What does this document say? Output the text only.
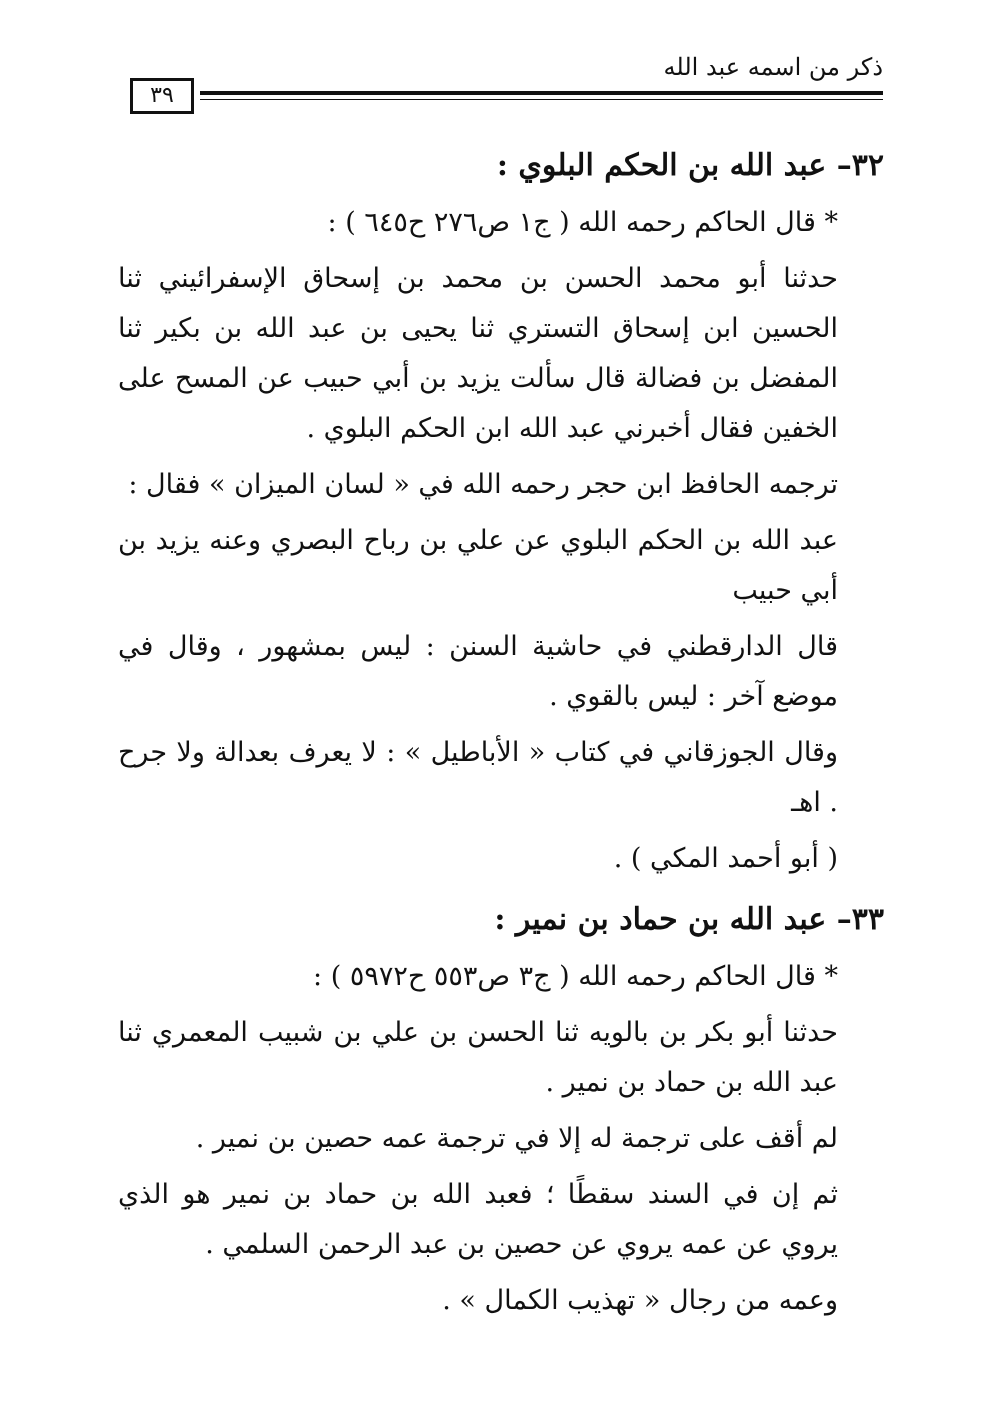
ذكر من اسمه عبد الله
٣٩

٣٢– عبد الله بن الحكم البلوي :

* قال الحاكم رحمه الله ( ج١ ص٢٧٦ ح٦٤٥ ) :

حدثنا أبو محمد الحسن بن محمد بن إسحاق الإسفرائيني ثنا الحسين ابن إسحاق التستري ثنا يحيى بن عبد الله بن بكير ثنا المفضل بن فضالة قال سألت يزيد بن أبي حبيب عن المسح على الخفين فقال أخبرني عبد الله ابن الحكم البلوي .

ترجمه الحافظ ابن حجر رحمه الله في « لسان الميزان » فقال :

عبد الله بن الحكم البلوي عن علي بن رباح البصري وعنه يزيد بن أبي حبيب

قال الدارقطني في حاشية السنن : ليس بمشهور ، وقال في موضع آخر : ليس بالقوي .

وقال الجوزقاني في كتاب « الأباطيل » : لا يعرف بعدالة ولا جرح . اهـ

( أبو أحمد المكي ) .

٣٣– عبد الله بن حماد بن نمير :

* قال الحاكم رحمه الله ( ج٣ ص٥٥٣ ح٥٩٧٢ ) :

حدثنا أبو بكر بن بالويه ثنا الحسن بن علي بن شبيب المعمري ثنا عبد الله بن حماد بن نمير .

لم أقف على ترجمة له إلا في ترجمة عمه حصين بن نمير .

ثم إن في السند سقطًا ؛ فعبد الله بن حماد بن نمير هو الذي يروي عن عمه يروي عن حصين بن عبد الرحمن السلمي .

وعمه من رجال « تهذيب الكمال » .
